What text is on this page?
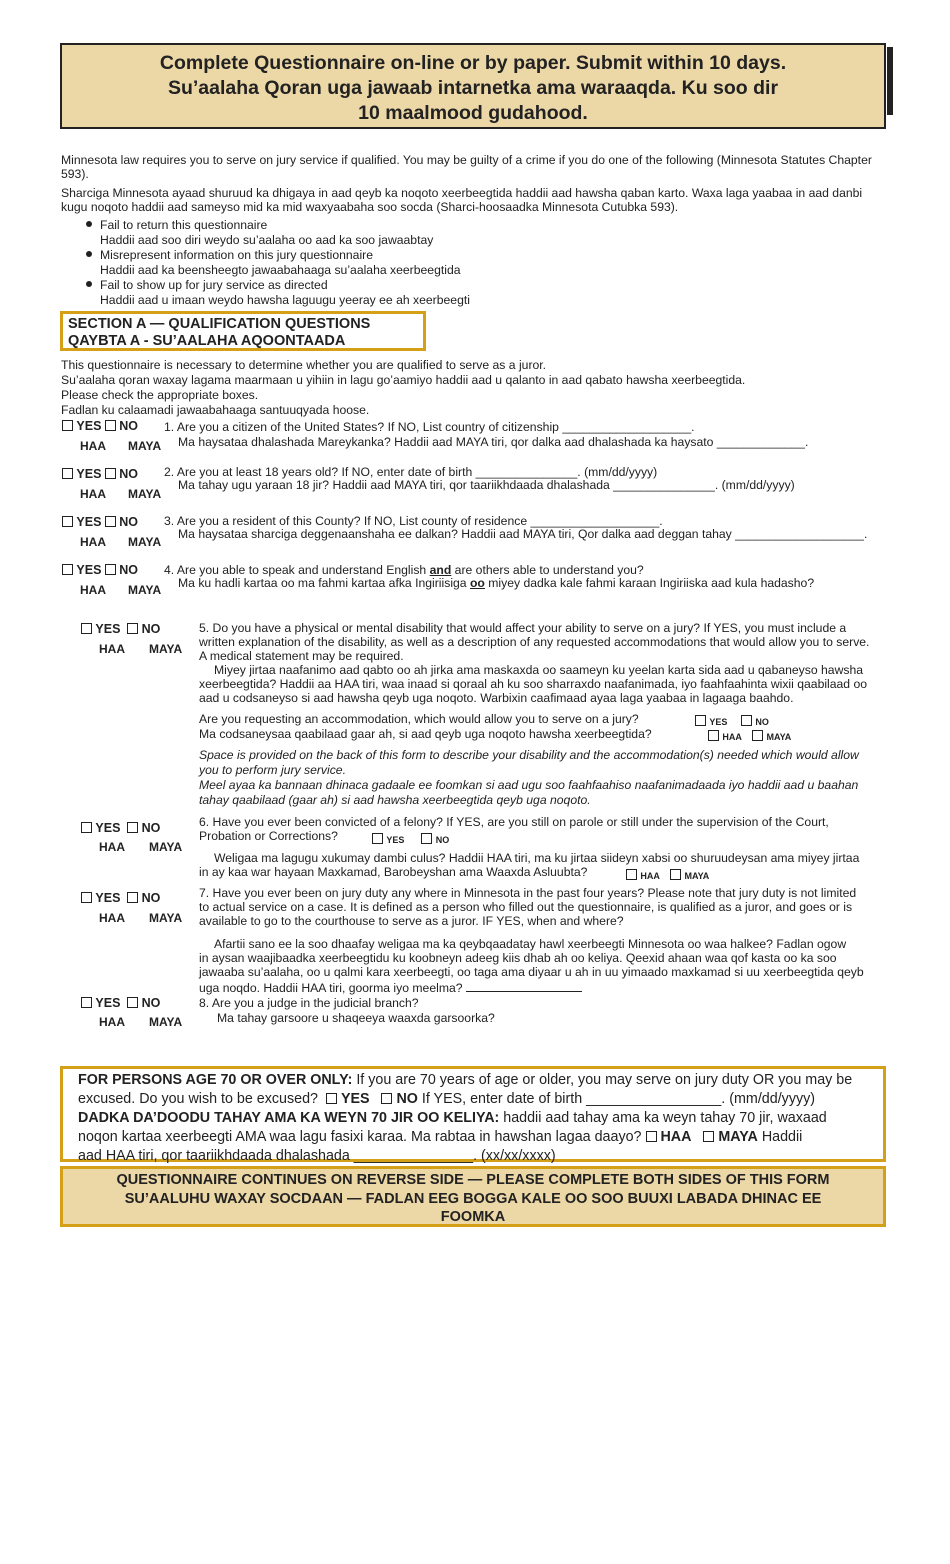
Complete Questionnaire on-line or by paper. Submit within 10 days.
Su’aalaha Qoran uga jawaab intarnetka ama waraaqda. Ku soo dir
10 maalmood gudahood.
Minnesota law requires you to serve on jury service if qualified. You may be guilty of a crime if you do one of the following (Minnesota Statutes Chapter
593).
Sharciga Minnesota ayaad shuruud ka dhigaya in aad qeyb ka noqoto xeerbeegtida haddii aad hawsha qaban karto. Waxa laga yaabaa in aad danbi
kugu noqoto haddii aad sameyso mid ka mid waxyaabaha soo socda (Sharci-hoosaadka Minnesota Cutubka 593).
Fail to return this questionnaire
Haddii aad soo diri weydo su’aalaha oo aad ka soo jawaabtay
Misrepresent information on this jury questionnaire
Haddii aad ka beensheegto jawaabahaaga su’aalaha xeerbeegtida
Fail to show up for jury service as directed
Haddii aad u imaan weydo hawsha laguugu yeeray ee ah xeerbeegti
SECTION A — QUALIFICATION QUESTIONS
QAYBTA A - SU’AALAHA AQOONTAADA
This questionnaire is necessary to determine whether you are qualified to serve as a juror.
Su’aalaha qoran waxay lagama maarmaan u yihiin in lagu go’aamiyo haddii aad u qalanto in aad qabato hawsha xeerbeegtida.
Please check the appropriate boxes.
Fadlan ku calaamadi jawaabahaaga santuuqyada hoose.
YES NO
HAA MAYA
1. Are you a citizen of the United States? If NO, List country of citizenship ___________________.
Ma haysataa dhalashada Mareykanka? Haddii aad MAYA tiri, qor dalka aad dhalashada ka haysato _____________.
YES NO
HAA MAYA
2. Are you at least 18 years old? If NO, enter date of birth _______________. (mm/dd/yyyy)
Ma tahay ugu yaraan 18 jir? Haddii aad MAYA tiri, qor taariikhdaada dhalashada _______________. (mm/dd/yyyy)
YES NO
HAA MAYA
3. Are you a resident of this County? If NO, List county of residence ___________________.
Ma haysataa sharciga deggenaanshaha ee dalkan? Haddii aad MAYA tiri, Qor dalka aad deggan tahay ___________________.
YES NO
HAA MAYA
4. Are you able to speak and understand English and are others able to understand you?
Ma ku hadli kartaa oo ma fahmi kartaa afka Ingiriisiga oo miyey dadka kale fahmi karaan Ingiriiska aad kula hadasho?
YES NO
HAA MAYA
5. Do you have a physical or mental disability that would affect your ability to serve on a jury? If YES, you must include a
written explanation of the disability, as well as a description of any requested accommodations that would allow you to serve.
A medical statement may be required.
Miyey jirtaa naafanimo aad qabto oo ah jirka ama maskaxda oo saameyn ku yeelan karta sida aad u qabaneyso hawsha
xeerbeegtida? Haddii aa HAA tiri, waa inaad si qoraal ah ku soo sharraxdo naafanimada, iyo faahfaahinta wixii qaabilaad oo
aad u codsaneyso si aad hawsha qeyb uga noqoto. Warbixin caafimaad ayaa laga yaabaa in lagaaga baahdo.
Are you requesting an accommodation, which would allow you to serve on a jury?
Ma codsaneysaa qaabilaad gaar ah, si aad qeyb uga noqoto hawsha xeerbeegtida?
YES	NO
HAA	MAYA
Space is provided on the back of this form to describe your disability and the accommodation(s) needed which would allow
you to perform jury service.
Meel ayaa ka bannaan dhinaca gadaale ee foomkan si aad ugu soo faahfaahiso naafanimadaada iyo haddii aad u baahan
tahay qaabilaad (gaar ah) si aad hawsha xeerbeegtida qeyb uga noqoto.
YES NO
HAA MAYA
6. Have you ever been convicted of a felony? If YES, are you still on parole or still under the supervision of the Court,
Probation or Corrections?	YES	NO
Weligaa ma lagugu xukumay dambi culus? Haddii HAA tiri, ma ku jirtaa siideyn xabsi oo shuruudeysan ama miyey jirtaa
in ay kaa war hayaan Maxkamad, Barobeyshan ama Waaxda Asluubta?	HAA	MAYA
YES NO
HAA MAYA
7. Have you ever been on jury duty any where in Minnesota in the past four years? Please note that jury duty is not limited
to actual service on a case. It is defined as a person who filled out the questionnaire, is qualified as a juror, and goes or is
available to go to the courthouse to serve as a juror. IF YES, when and where?
Afartii sano ee la soo dhaafay weligaa ma ka qeybqaadatay hawl xeerbeegti Minnesota oo waa halkee? Fadlan ogow
in aysan waajibaadka xeerbeegtidu ku koobneyn adeeg kiis dhab ah oo keliya. Qeexid ahaan waa qof kasta oo ka soo
jawaaba su’aalaha, oo u qalmi kara xeerbeegti, oo taga ama diyaar u ah in uu yimaado maxkamad si uu xeerbeegtida qeyb
uga noqdo. Haddii HAA tiri, goorma iyo meelma?
YES NO
HAA MAYA
8. Are you a judge in the judicial branch?
Ma tahay garsoore u shaqeeya waaxda garsoorka?
FOR PERSONS AGE 70 OR OVER ONLY: If you are 70 years of age or older, you may serve on jury duty OR you may be
excused. Do you wish to be excused? YES NO If YES, enter date of birth _________________. (mm/dd/yyyy)
DADKA DA’DOODU TAHAY AMA KA WEYN 70 JIR OO KELIYA: haddii aad tahay ama ka weyn tahay 70 jir, waxaad
noqon kartaa xeerbeegti AMA waa lagu fasixi karaa. Ma rabtaa in hawshan lagaa daayo? HAA MAYA Haddii
aad HAA tiri, qor taariikhdaada dhalashada _______________. (xx/xx/xxxx)
QUESTIONNAIRE CONTINUES ON REVERSE SIDE — PLEASE COMPLETE BOTH SIDES OF THIS FORM
SU’AALUHU WAXAY SOCDAAN — FADLAN EEG BOGGA KALE OO SOO BUUXI LABADA DHINAC EE
FOOMKA
